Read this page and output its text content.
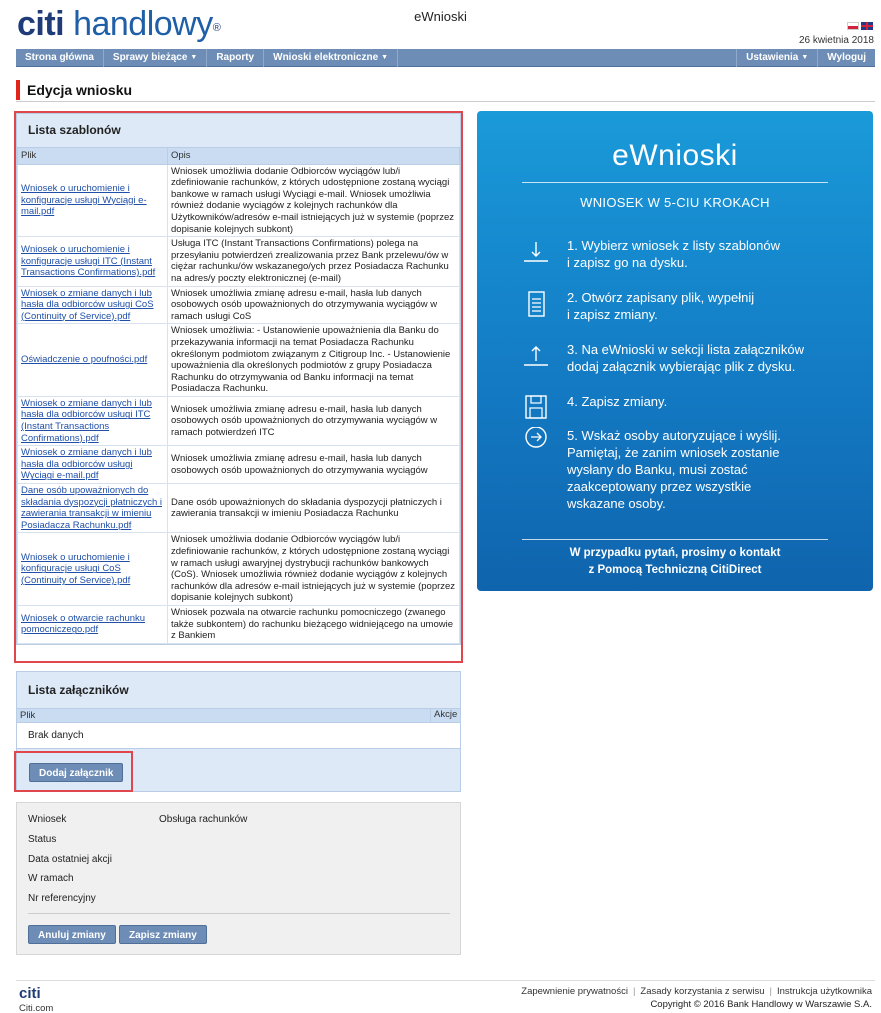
citi handlowy®
eWnioski
26 kwietnia 2018
Strona główna Sprawy bieżące ▼ Raporty Wnioski elektroniczne ▼	Ustawienia ▼ Wyloguj
Edycja wniosku
Lista szablonów
Plik	Opis
Wniosek o uruchomienie i konfiguracje usługi Wyciągi e-mail.pdf	Wniosek umożliwia dodanie Odbiorców wyciągów lub/i zdefiniowanie rachunków, z których udostępnione zostaną wyciągi bankowe w ramach usługi Wyciągi e-mail. Wniosek umożliwia również dodanie wyciągów z kolejnych rachunków dla Użytkowników/adresów e-mail istniejących już w systemie (poprzez dopisanie kolejnych subkont)
Wniosek o uruchomienie i konfiguracje usługi ITC (Instant Transactions Confirmations).pdf	Usługa ITC (Instant Transactions Confirmations) polega na przesyłaniu potwierdzeń zrealizowania przez Bank przelewu/ów w ciężar rachunku/ów wskazanego/ych przez Posiadacza Rachunku na adres/y poczty elektronicznej (e-mail)
Wniosek o zmiane danych i lub hasła dla odbiorców usługi CoS (Continuity of Service).pdf	Wniosek umożliwia zmianę adresu e-mail, hasła lub danych osobowych osób upoważnionych do otrzymywania wyciągów w ramach usługi CoS
Oświadczenie o poufności.pdf	Wniosek umożliwia: - Ustanowienie upoważnienia dla Banku do przekazywania informacji na temat Posiadacza Rachunku określonym podmiotom związanym z Citigroup Inc. - Ustanowienie upoważnienia dla określonych podmiotów z grupy Posiadacza Rachunku do otrzymywania od Banku informacji na temat Posiadacza Rachunku.
Wniosek o zmiane danych i lub hasła dla odbiorców usługi ITC (Instant Transactions Confirmations).pdf	Wniosek umożliwia zmianę adresu e-mail, hasła lub danych osobowych osób upoważnionych do otrzymywania wyciągów w ramach potwierdzeń ITC
Wniosek o zmiane danych i lub hasła dla odbiorców usługi Wyciągi e-mail.pdf	Wniosek umożliwia zmianę adresu e-mail, hasła lub danych osobowych osób upoważnionych do otrzymywania wyciągów
Dane osób upoważnionych do składania dyspozycji płatniczych i zawierania transakcji w imieniu Posiadacza Rachunku.pdf	Dane osób upoważnionych do składania dyspozycji płatniczych i zawierania transakcji w imieniu Posiadacza Rachunku
Wniosek o uruchomienie i konfiguracje usługi CoS (Continuity of Service).pdf	Wniosek umożliwia dodanie Odbiorców wyciągów lub/i zdefiniowanie rachunków, z których udostępnione zostaną wyciągi w ramach usługi awaryjnej dystrybucji rachunków bankowych (CoS). Wniosek umożliwia również dodanie wyciągów z kolejnych rachunków dla adresów e-mail istniejących już w systemie (poprzez dopisanie kolejnych subkont)
Wniosek o otwarcie rachunku pomocniczego.pdf	Wniosek pozwala na otwarcie rachunku pomocniczego (zwanego także subkontem) do rachunku bieżącego widniejącego na umowie z Bankiem
Lista załączników
Plik	Akcje
Brak danych
Dodaj załącznik
Wniosek	Obsługa rachunków
Status
Data ostatniej akcji
W ramach
Nr referencyjny
Anuluj zmiany	Zapisz zmiany
eWnioski
WNIOSEK W 5-CIU KROKACH
1. Wybierz wniosek z listy szablonów
i zapisz go na dysku.
2. Otwórz zapisany plik, wypełnij
i zapisz zmiany.
3. Na eWnioski w sekcji lista załączników
dodaj załącznik wybierając plik z dysku.
4. Zapisz zmiany.
5. Wskaż osoby autoryzujące i wyślij.
Pamiętaj, że zanim wniosek zostanie
wysłany do Banku, musi zostać
zaakceptowany przez wszystkie
wskazane osoby.
W przypadku pytań, prosimy o kontakt
z Pomocą Techniczną CitiDirect
citi
Citi.com
Zapewnienie prywatności | Zasady korzystania z serwisu | Instrukcja użytkownika
Copyright © 2016 Bank Handlowy w Warszawie S.A.
